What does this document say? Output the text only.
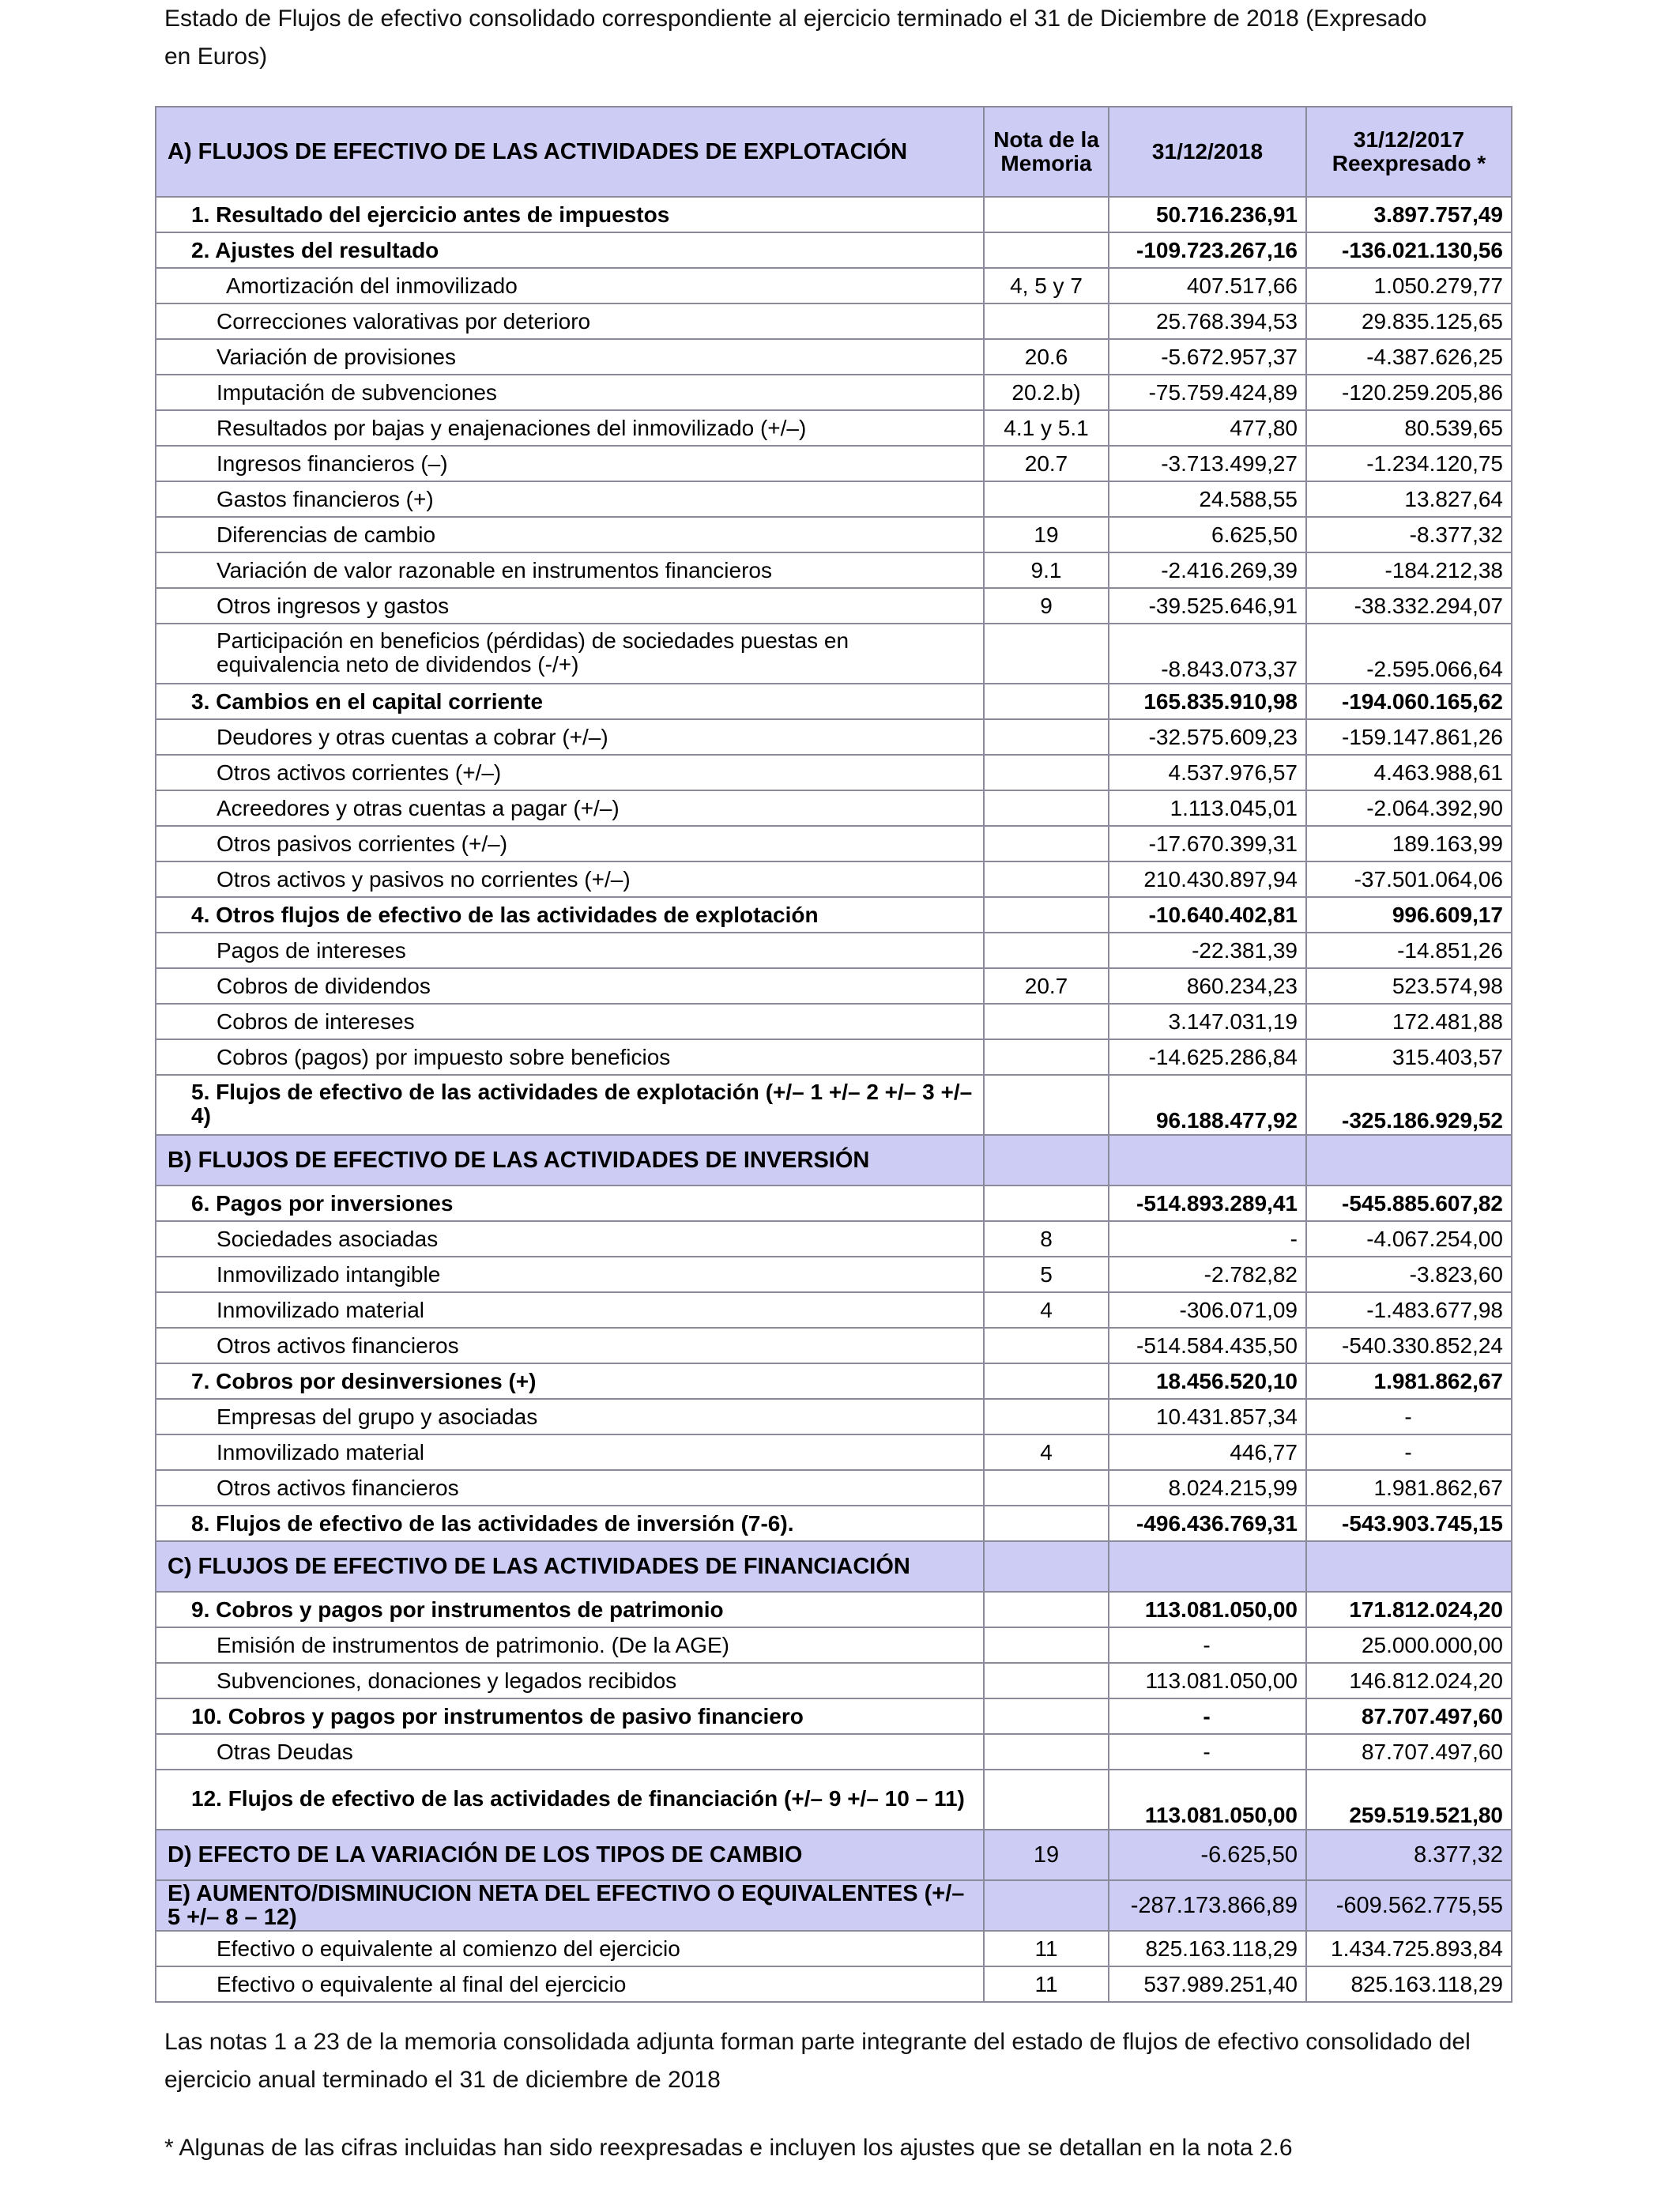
Estado de Flujos de efectivo consolidado correspondiente al ejercicio terminado el 31 de Diciembre de 2018 (Expresado
en Euros)
A) FLUJOS DE EFECTIVO DE LAS ACTIVIDADES DE EXPLOTACIÓN	Nota de la Memoria	31/12/2018	31/12/2017 Reexpresado *
1. Resultado del ejercicio antes de impuestos		50.716.236,91	3.897.757,49
2. Ajustes del resultado		-109.723.267,16	-136.021.130,56
Amortización del inmovilizado	4, 5 y 7	407.517,66	1.050.279,77
Correcciones valorativas por deterioro		25.768.394,53	29.835.125,65
Variación de provisiones	20.6	-5.672.957,37	-4.387.626,25
Imputación de subvenciones	20.2.b)	-75.759.424,89	-120.259.205,86
Resultados por bajas y enajenaciones del inmovilizado (+/–)	4.1 y 5.1	477,80	80.539,65
Ingresos financieros (–)	20.7	-3.713.499,27	-1.234.120,75
Gastos financieros (+)		24.588,55	13.827,64
Diferencias de cambio	19	6.625,50	-8.377,32
Variación de valor razonable en instrumentos financieros	9.1	-2.416.269,39	-184.212,38
Otros ingresos y gastos	9	-39.525.646,91	-38.332.294,07
Participación en beneficios (pérdidas) de sociedades puestas en equivalencia neto de dividendos (-/+)		-8.843.073,37	-2.595.066,64
3. Cambios en el capital corriente		165.835.910,98	-194.060.165,62
Deudores y otras cuentas a cobrar (+/–)		-32.575.609,23	-159.147.861,26
Otros activos corrientes (+/–)		4.537.976,57	4.463.988,61
Acreedores y otras cuentas a pagar (+/–)		1.113.045,01	-2.064.392,90
Otros pasivos corrientes (+/–)		-17.670.399,31	189.163,99
Otros activos y pasivos no corrientes (+/–)		210.430.897,94	-37.501.064,06
4. Otros flujos de efectivo de las actividades de explotación		-10.640.402,81	996.609,17
Pagos de intereses		-22.381,39	-14.851,26
Cobros de dividendos	20.7	860.234,23	523.574,98
Cobros de intereses		3.147.031,19	172.481,88
Cobros (pagos) por impuesto sobre beneficios		-14.625.286,84	315.403,57
5. Flujos de efectivo de las actividades de explotación (+/– 1 +/– 2 +/– 3 +/– 4)		96.188.477,92	-325.186.929,52
B) FLUJOS DE EFECTIVO DE LAS ACTIVIDADES DE INVERSIÓN			
6. Pagos por inversiones		-514.893.289,41	-545.885.607,82
Sociedades asociadas	8	-	-4.067.254,00
Inmovilizado intangible	5	-2.782,82	-3.823,60
Inmovilizado material	4	-306.071,09	-1.483.677,98
Otros activos financieros		-514.584.435,50	-540.330.852,24
7. Cobros por desinversiones (+)		18.456.520,10	1.981.862,67
Empresas del grupo y asociadas		10.431.857,34	-
Inmovilizado material	4	446,77	-
Otros activos financieros		8.024.215,99	1.981.862,67
8. Flujos de efectivo de las actividades de inversión (7-6).		-496.436.769,31	-543.903.745,15
C) FLUJOS DE EFECTIVO DE LAS ACTIVIDADES DE FINANCIACIÓN			
9. Cobros y pagos por instrumentos de patrimonio		113.081.050,00	171.812.024,20
Emisión de instrumentos de patrimonio. (De la AGE)		-	25.000.000,00
Subvenciones, donaciones y legados recibidos		113.081.050,00	146.812.024,20
10. Cobros y pagos por instrumentos de pasivo financiero		-	87.707.497,60
Otras Deudas		-	87.707.497,60
12. Flujos de efectivo de las actividades de financiación (+/– 9 +/– 10 – 11)		113.081.050,00	259.519.521,80
D) EFECTO DE LA VARIACIÓN DE LOS TIPOS DE CAMBIO	19	-6.625,50	8.377,32
E) AUMENTO/DISMINUCION NETA DEL EFECTIVO O EQUIVALENTES (+/– 5 +/– 8 – 12)		-287.173.866,89	-609.562.775,55
Efectivo o equivalente al comienzo del ejercicio	11	825.163.118,29	1.434.725.893,84
Efectivo o equivalente al final del ejercicio	11	537.989.251,40	825.163.118,29
Las notas 1 a 23 de la memoria consolidada adjunta forman parte integrante del estado de flujos de efectivo consolidado del ejercicio anual terminado el 31 de diciembre de 2018
* Algunas de las cifras incluidas han sido reexpresadas e incluyen los ajustes que se detallan en la nota 2.6
